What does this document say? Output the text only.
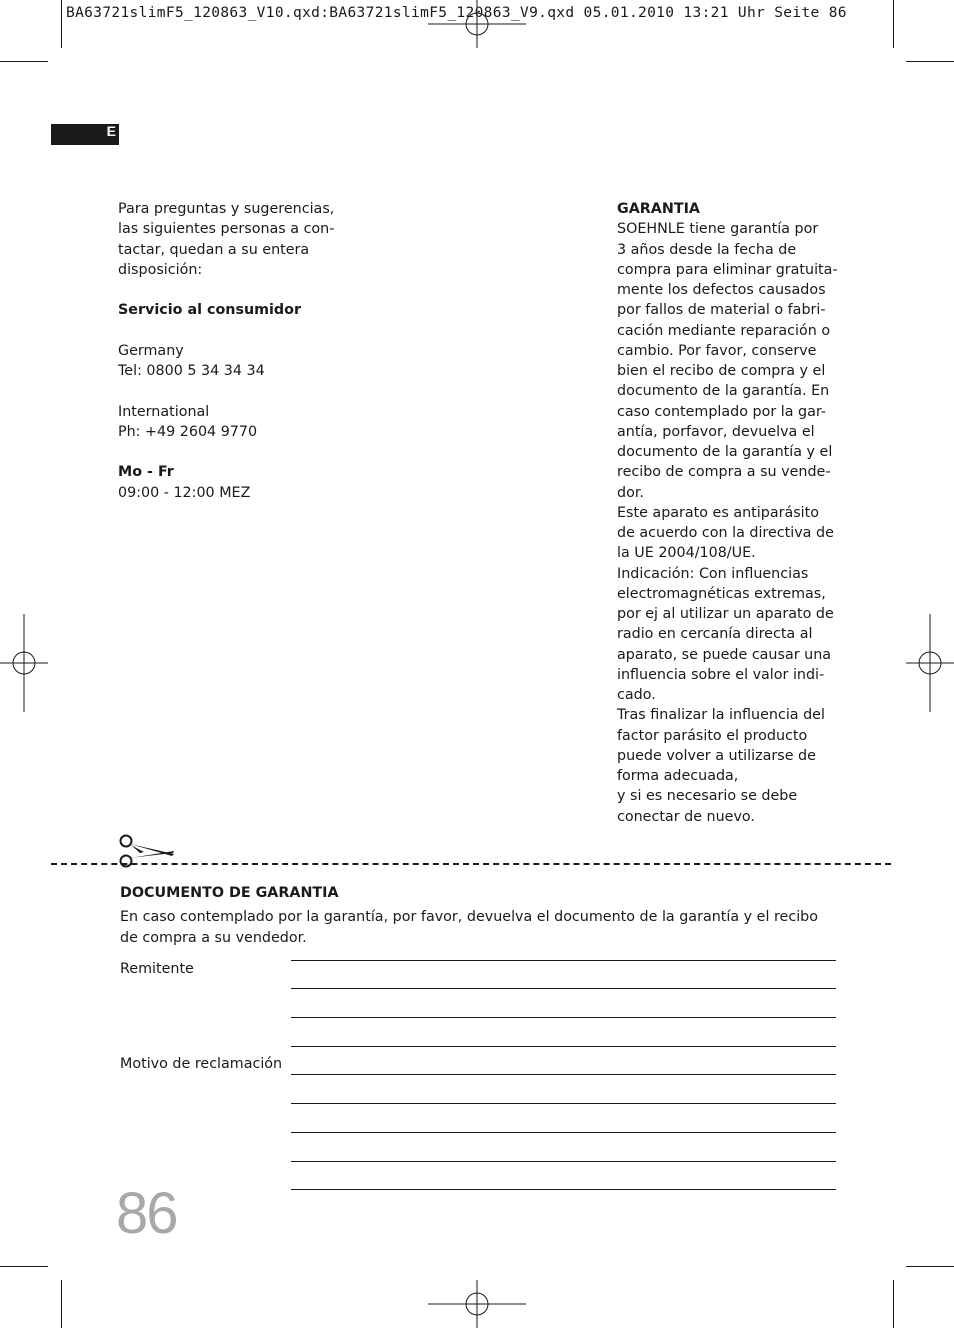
BA63721slimF5_120863_V10.qxd:BA63721slimF5_120863_V9.qxd 05.01.2010 13:21 Uhr Seite 86
E

Para preguntas y sugerencias,
las siguientes personas a con-
tactar, quedan a su entera
disposición:

Servicio al consumidor

Germany

Tel: 0800 5 34 34 34

International

Ph: +49 2604 9770

Mo - Fr

09:00 - 12:00 MEZ

GARANTIA

SOEHNLE tiene garantía por
3 años desde la fecha de
compra para eliminar gratuita-
mente los defectos causados
por fallos de material o fabri-
cación mediante reparación o
cambio. Por favor, conserve
bien el recibo de compra y el
documento de la garantía. En
caso contemplado por la gar-
antía, porfavor, devuelva el
documento de la garantía y el
recibo de compra a su vende-
dor.
Este aparato es antiparásito
de acuerdo con la directiva de
la UE 2004/108/UE.
Indicación: Con influencias
electromagnéticas extremas,
por ej al utilizar un aparato de
radio en cercanía directa al
aparato, se puede causar una
influencia sobre el valor indi-
cado.
Tras finalizar la influencia del
factor parásito el producto
puede volver a utilizarse de
forma adecuada,
y si es necesario se debe
conectar de nuevo.

DOCUMENTO DE GARANTIA
En caso contemplado por la garantía, por favor, devuelva el documento de la garantía y el recibo de compra a su vendedor.
Remitente
Motivo de reclamación
86
